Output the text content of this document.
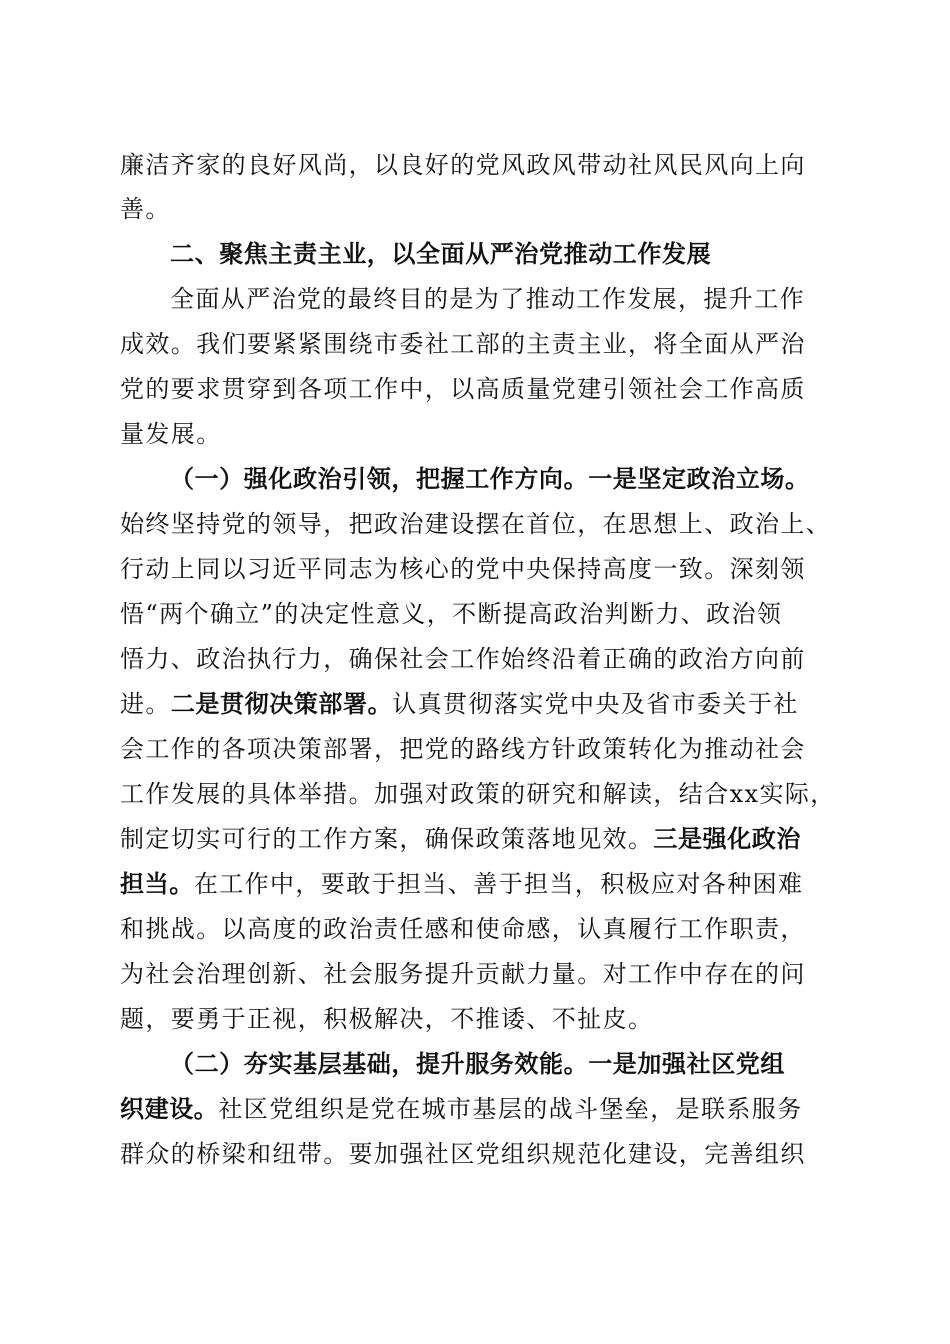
廉洁齐家的良好风尚，以良好的党风政风带动社风民风向上向

善。

二、聚焦主责主业，以全面从严治党推动工作发展

全面从严治党的最终目的是为了推动工作发展，提升工作

成效。我们要紧紧围绕市委社工部的主责主业，将全面从严治

党的要求贯穿到各项工作中，以高质量党建引领社会工作高质

量发展。

（一）强化政治引领，把握工作方向。一是坚定政治立场。

始终坚持党的领导，把政治建设摆在首位，在思想上、政治上、

行动上同以习近平同志为核心的党中央保持高度一致。深刻领

悟“两个确立”的决定性意义，不断提高政治判断力、政治领

悟力、政治执行力，确保社会工作始终沿着正确的政治方向前

进。二是贯彻决策部署。认真贯彻落实党中央及省市委关于社

会工作的各项决策部署，把党的路线方针政策转化为推动社会

工作发展的具体举措。加强对政策的研究和解读，结合xx实际，

制定切实可行的工作方案，确保政策落地见效。三是强化政治

担当。在工作中，要敢于担当、善于担当，积极应对各种困难

和挑战。以高度的政治责任感和使命感，认真履行工作职责，

为社会治理创新、社会服务提升贡献力量。对工作中存在的问

题，要勇于正视，积极解决，不推诿、不扯皮。

（二）夯实基层基础，提升服务效能。一是加强社区党组

织建设。社区党组织是党在城市基层的战斗堡垒，是联系服务

群众的桥梁和纽带。要加强社区党组织规范化建设，完善组织
